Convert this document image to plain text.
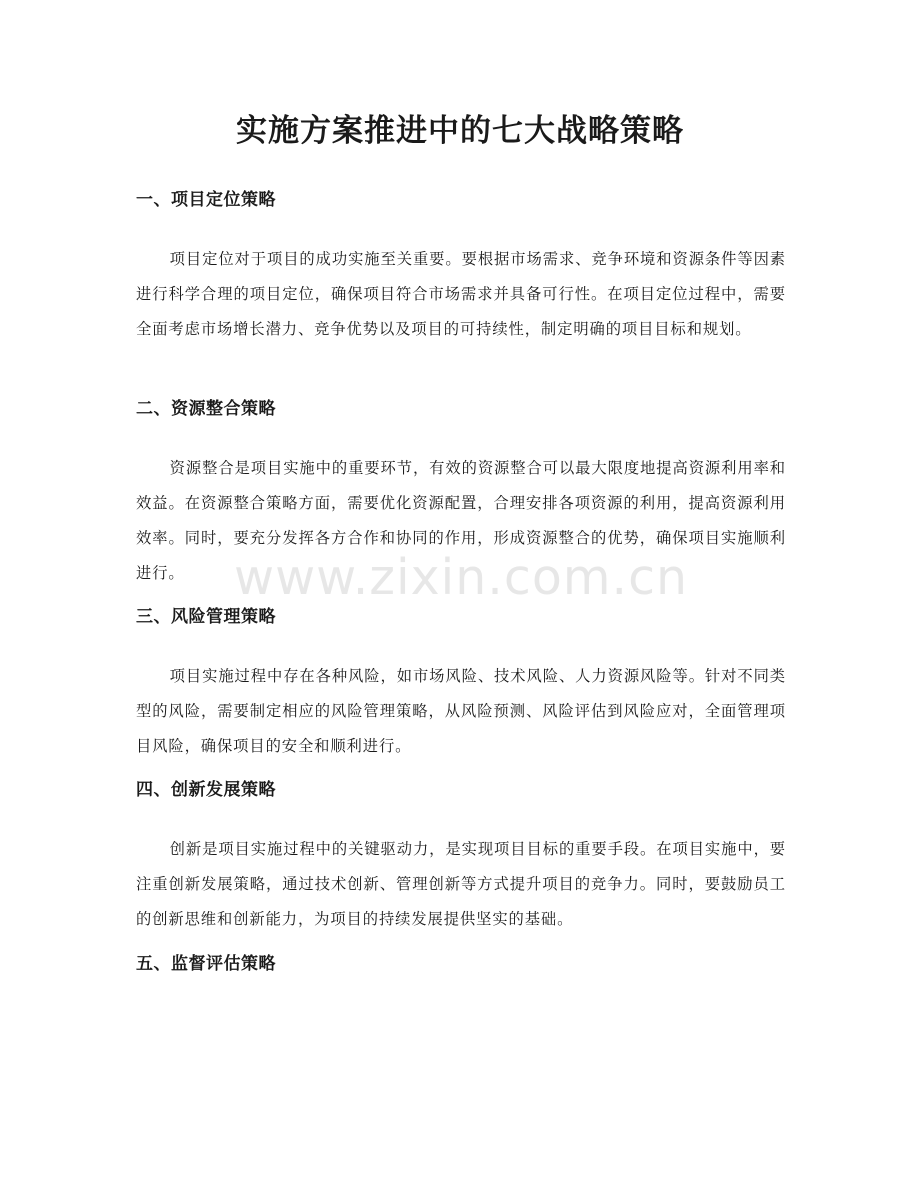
实施方案推进中的七大战略策略
一、项目定位策略

项目定位对于项目的成功实施至关重要。要根据市场需求、竞争环境和资源条件等因素进行科学合理的项目定位，确保项目符合市场需求并具备可行性。在项目定位过程中，需要全面考虑市场增长潜力、竞争优势以及项目的可持续性，制定明确的项目目标和规划。

二、资源整合策略

资源整合是项目实施中的重要环节，有效的资源整合可以最大限度地提高资源利用率和效益。在资源整合策略方面，需要优化资源配置，合理安排各项资源的利用，提高资源利用效率。同时，要充分发挥各方合作和协同的作用，形成资源整合的优势，确保项目实施顺利进行。

三、风险管理策略

项目实施过程中存在各种风险，如市场风险、技术风险、人力资源风险等。针对不同类型的风险，需要制定相应的风险管理策略，从风险预测、风险评估到风险应对，全面管理项目风险，确保项目的安全和顺利进行。

四、创新发展策略

创新是项目实施过程中的关键驱动力，是实现项目目标的重要手段。在项目实施中，要注重创新发展策略，通过技术创新、管理创新等方式提升项目的竞争力。同时，要鼓励员工的创新思维和创新能力，为项目的持续发展提供坚实的基础。

五、监督评估策略
www.zixin.com.cn
